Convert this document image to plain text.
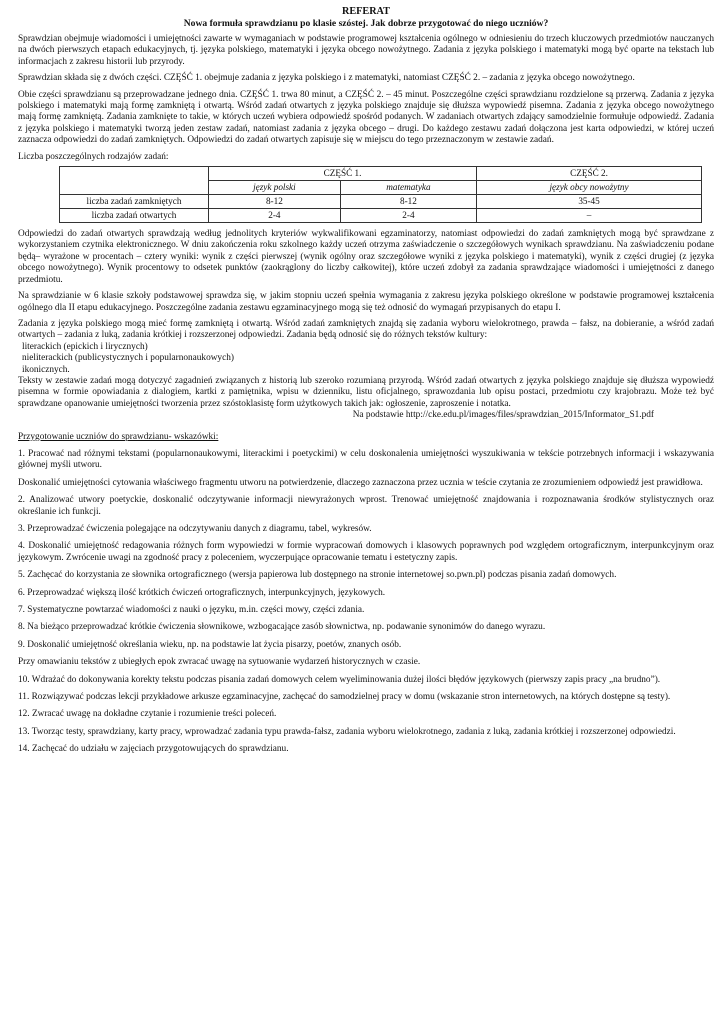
REFERAT

Nowa formuła sprawdzianu po klasie szóstej. Jak dobrze przygotować do niego uczniów?

Sprawdzian obejmuje wiadomości i umiejętności zawarte w wymaganiach w podstawie programowej kształcenia ogólnego w odniesieniu do trzech kluczowych przedmiotów nauczanych na dwóch pierwszych etapach edukacyjnych, tj. języka polskiego, matematyki i języka obcego nowożytnego. Zadania z języka polskiego i matematyki mogą być oparte na tekstach lub informacjach z zakresu historii lub przyrody.

Sprawdzian składa się z dwóch części. CZĘŚĆ 1. obejmuje zadania z języka polskiego i z matematyki, natomiast CZĘŚĆ 2. – zadania z języka obcego nowożytnego.

Obie części sprawdzianu są przeprowadzane jednego dnia. CZĘŚĆ 1. trwa 80 minut, a CZĘŚĆ 2. – 45 minut. Poszczególne części sprawdzianu rozdzielone są przerwą. Zadania z języka polskiego i matematyki mają formę zamkniętą i otwartą. Wśród zadań otwartych z języka polskiego znajduje się dłuższa wypowiedź pisemna. Zadania z języka obcego nowożytnego mają formę zamkniętą. Zadania zamknięte to takie, w których uczeń wybiera odpowiedź spośród podanych. W zadaniach otwartych zdający samodzielnie formułuje odpowiedź. Zadania z języka polskiego i matematyki tworzą jeden zestaw zadań, natomiast zadania z języka obcego – drugi. Do każdego zestawu zadań dołączona jest karta odpowiedzi, w której uczeń zaznacza odpowiedzi do zadań zamkniętych. Odpowiedzi do zadań otwartych zapisuje się w miejscu do tego przeznaczonym w zestawie zadań.

Liczba poszczególnych rodzajów zadań:

	CZĘŚĆ 1.		CZĘŚĆ 2.
	język polski	matematyka	język obcy nowożytny
liczba zadań zamkniętych	8-12	8-12	35-45
liczba zadań otwartych	2-4	2-4	–

Odpowiedzi do zadań otwartych sprawdzają według jednolitych kryteriów wykwalifikowani egzaminatorzy, natomiast odpowiedzi do zadań zamkniętych mogą być sprawdzane z wykorzystaniem czytnika elektronicznego. W dniu zakończenia roku szkolnego każdy uczeń otrzyma zaświadczenie o szczegółowych wynikach sprawdzianu. Na zaświadczeniu podane będą– wyrażone w procentach – cztery wyniki: wynik z części pierwszej (wynik ogólny oraz szczegółowe wyniki z języka polskiego i matematyki), wynik z części drugiej (z języka obcego nowożytnego). Wynik procentowy to odsetek punktów (zaokrąglony do liczby całkowitej), które uczeń zdobył za zadania sprawdzające wiadomości i umiejętności z danego przedmiotu.

Na sprawdzianie w 6 klasie szkoły podstawowej sprawdza się, w jakim stopniu uczeń spełnia wymagania z zakresu języka polskiego określone w podstawie programowej kształcenia ogólnego dla II etapu edukacyjnego. Poszczególne zadania zestawu egzaminacyjnego mogą się też odnosić do wymagań przypisanych do etapu I.

Zadania z języka polskiego mogą mieć formę zamkniętą i otwartą. Wśród zadań zamkniętych znajdą się zadania wyboru wielokrotnego, prawda – fałsz, na dobieranie, a wśród zadań otwartych – zadania z luką, zadania krótkiej i rozszerzonej odpowiedzi. Zadania będą odnosić się do różnych tekstów kultury:

literackich (epickich i lirycznych)
nieliterackich (publicystycznych i popularnonaukowych)
ikonicznych.

Teksty w zestawie zadań mogą dotyczyć zagadnień związanych z historią lub szeroko rozumianą przyrodą. Wśród zadań otwartych z języka polskiego znajduje się dłuższa wypowiedź pisemna w formie opowiadania z dialogiem, kartki z pamiętnika, wpisu w dzienniku, listu oficjalnego, sprawozdania lub opisu postaci, przedmiotu czy krajobrazu. Może też być sprawdzane opanowanie umiejętności tworzenia przez szóstoklasistę form użytkowych takich jak: ogłoszenie, zaproszenie i notatka.

Na podstawie http://cke.edu.pl/images/files/sprawdzian_2015/Informator_S1.pdf

Przygotowanie uczniów do sprawdzianu- wskazówki:

1. Pracować nad różnymi tekstami (popularnonaukowymi, literackimi i poetyckimi) w celu doskonalenia umiejętności wyszukiwania w tekście potrzebnych informacji i wskazywania głównej myśli utworu.

Doskonalić umiejętności cytowania właściwego fragmentu utworu na potwierdzenie, dlaczego zaznaczona przez ucznia w teście czytania ze zrozumieniem odpowiedź jest prawidłowa.

2. Analizować utwory poetyckie, doskonalić odczytywanie informacji niewyrażonych wprost. Trenować umiejętność znajdowania i rozpoznawania środków stylistycznych oraz określanie ich funkcji.

3. Przeprowadzać ćwiczenia polegające na odczytywaniu danych z diagramu, tabel, wykresów.

4. Doskonalić umiejętność redagowania różnych form wypowiedzi w formie wypracowań domowych i klasowych poprawnych pod względem ortograficznym, interpunkcyjnym oraz językowym. Zwrócenie uwagi na zgodność pracy z poleceniem, wyczerpujące opracowanie tematu i estetyczny zapis.

5. Zachęcać do korzystania ze słownika ortograficznego (wersja papierowa lub dostępnego na stronie internetowej so.pwn.pl) podczas pisania zadań domowych.

6. Przeprowadzać większą ilość krótkich ćwiczeń ortograficznych, interpunkcyjnych, językowych.

7. Systematyczne powtarzać wiadomości z nauki o języku, m.in. części mowy, części zdania.

8. Na bieżąco przeprowadzać krótkie ćwiczenia słownikowe, wzbogacające zasób słownictwa, np. podawanie synonimów do danego wyrazu.

9. Doskonalić umiejętność określania wieku, np. na podstawie lat życia pisarzy, poetów, znanych osób.

Przy omawianiu tekstów z ubiegłych epok zwracać uwagę na sytuowanie wydarzeń historycznych w czasie.

10. Wdrażać do dokonywania korekty tekstu podczas pisania zadań domowych celem wyeliminowania dużej ilości błędów językowych (pierwszy zapis pracy „na brudno”).

11. Rozwiązywać podczas lekcji przykładowe arkusze egzaminacyjne, zachęcać do samodzielnej pracy w domu (wskazanie stron internetowych, na których dostępne są testy).

12. Zwracać uwagę na dokładne czytanie i rozumienie treści poleceń.

13. Tworząc testy, sprawdziany, karty pracy, wprowadzać zadania typu prawda-fałsz, zadania wyboru wielokrotnego, zadania z luką, zadania krótkiej i rozszerzonej odpowiedzi.

14. Zachęcać do udziału w zajęciach przygotowujących do sprawdzianu.
